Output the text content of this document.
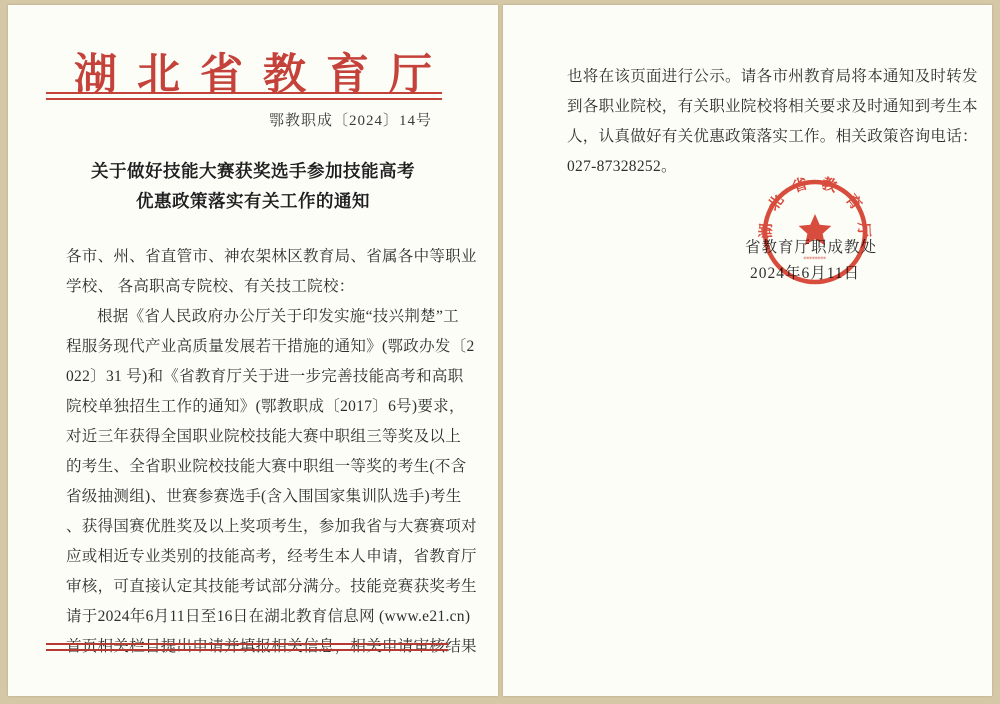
湖北省教育厅
鄂教职成〔2024〕14号
关于做好技能大赛获奖选手参加技能高考
优惠政策落实有关工作的通知
各市、州、省直管市、神农架林区教育局、省属各中等职业
学校、 各高职高专院校、有关技工院校：
根据《省人民政府办公厅关于印发实施“技兴荆楚”工
程服务现代产业高质量发展若干措施的通知》(鄂政办发〔2
022〕31 号)和《省教育厅关于进一步完善技能高考和高职
院校单独招生工作的通知》(鄂教职成〔2017〕6号)要求，
对近三年获得全国职业院校技能大赛中职组三等奖及以上
的考生、全省职业院校技能大赛中职组一等奖的考生(不含
省级抽测组)、世赛参赛选手(含入围国家集训队选手)考生
、获得国赛优胜奖及以上奖项考生，参加我省与大赛赛项对
应或相近专业类别的技能高考，经考生本人申请，省教育厅
审核，可直接认定其技能考试部分满分。技能竞赛获奖考生
请于2024年6月11日至16日在湖北教育信息网 (www.e21.cn)
首页相关栏目提出申请并填报相关信息，相关申请审核结果
也将在该页面进行公示。请各市州教育局将本通知及时转发
到各职业院校，有关职业院校将相关要求及时通知到考生本
人，认真做好有关优惠政策落实工作。相关政策咨询电话：
027-87328252。
省教育厅职成教处
2024年6月11日
湖北省教育厅
▪▪▪▪▪▪▪▪
